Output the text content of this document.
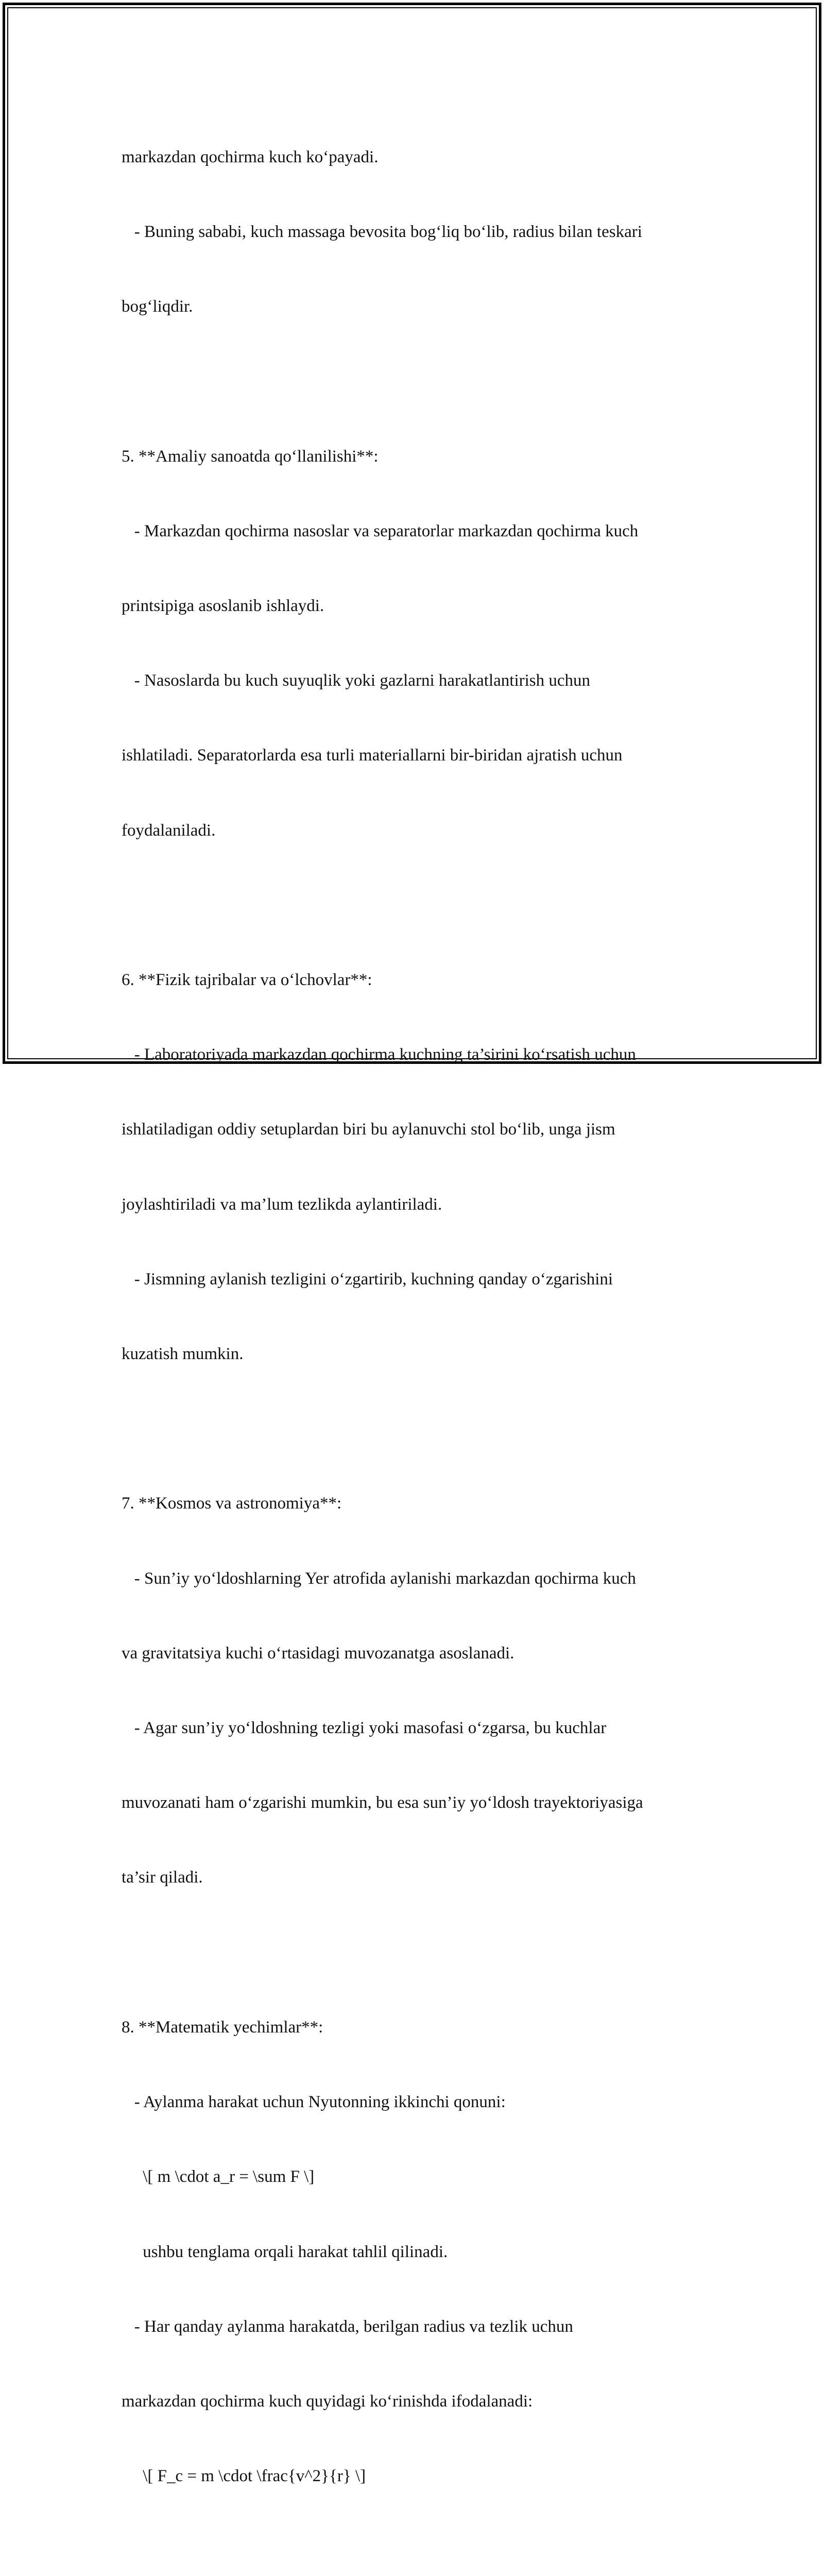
markazdan qochirma kuch ko‘payadi.

- Buning sababi, kuch massaga bevosita bog‘liq bo‘lib, radius bilan teskari

bog‘liqdir.

5. **Amaliy sanoatda qo‘llanilishi**:

- Markazdan qochirma nasoslar va separatorlar markazdan qochirma kuch

printsipiga asoslanib ishlaydi.

- Nasoslarda bu kuch suyuqlik yoki gazlarni harakatlantirish uchun

ishlatiladi. Separatorlarda esa turli materiallarni bir-biridan ajratish uchun

foydalaniladi.

6. **Fizik tajribalar va o‘lchovlar**:

- Laboratoriyada markazdan qochirma kuchning ta’sirini ko‘rsatish uchun

ishlatiladigan oddiy setuplardan biri bu aylanuvchi stol bo‘lib, unga jism

joylashtiriladi va ma’lum tezlikda aylantiriladi.

- Jismning aylanish tezligini o‘zgartirib, kuchning qanday o‘zgarishini

kuzatish mumkin.

7. **Kosmos va astronomiya**:

- Sun’iy yo‘ldoshlarning Yer atrofida aylanishi markazdan qochirma kuch

va gravitatsiya kuchi o‘rtasidagi muvozanatga asoslanadi.

- Agar sun’iy yo‘ldoshning tezligi yoki masofasi o‘zgarsa, bu kuchlar

muvozanati ham o‘zgarishi mumkin, bu esa sun’iy yo‘ldosh trayektoriyasiga

ta’sir qiladi.

8. **Matematik yechimlar**:

- Aylanma harakat uchun Nyutonning ikkinchi qonuni:

\[ m \cdot a_r = \sum F \]

ushbu tenglama orqali harakat tahlil qilinadi.

- Har qanday aylanma harakatda, berilgan radius va tezlik uchun

markazdan qochirma kuch quyidagi ko‘rinishda ifodalanadi:

\[ F_c = m \cdot \frac{v^2}{r} \]
